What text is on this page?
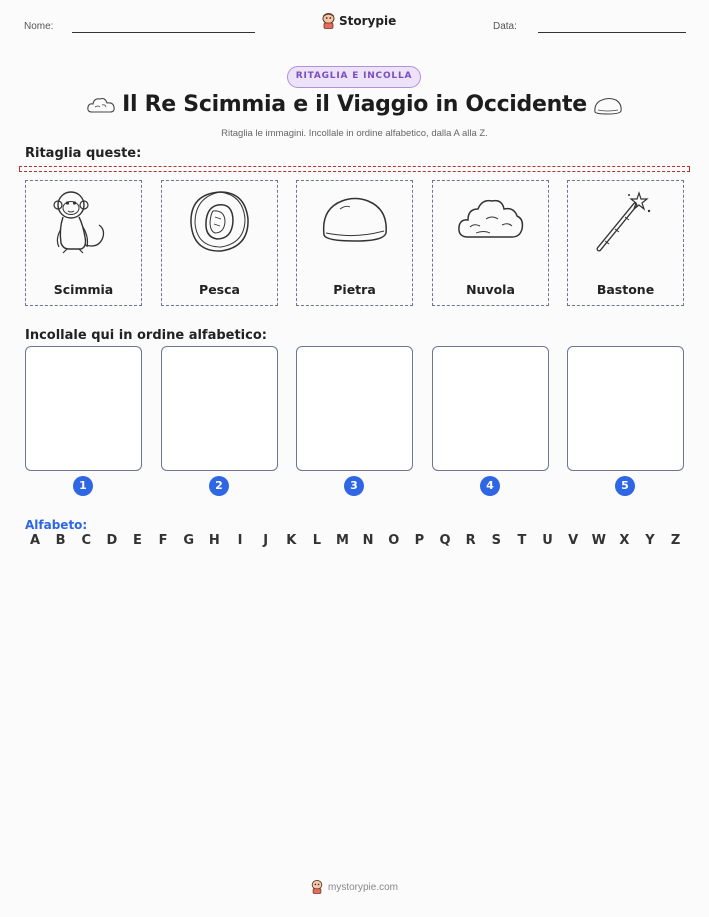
Nome:	Storypie	Data:
RITAGLIA E INCOLLA
Il Re Scimmia e il Viaggio in Occidente
Ritaglia le immagini. Incollale in ordine alfabetico, dalla A alla Z.
Ritaglia queste:
Scimmia	Pesca	Pietra	Nuvola	Bastone
Incollale qui in ordine alfabetico:
1	2	3	4	5
Alfabeto:
A	B	C	D	E	F	G	H	I	J	K	L	M	N	O	P	Q	R	S	T	U	V	W	X	Y	Z
mystorypie.com
